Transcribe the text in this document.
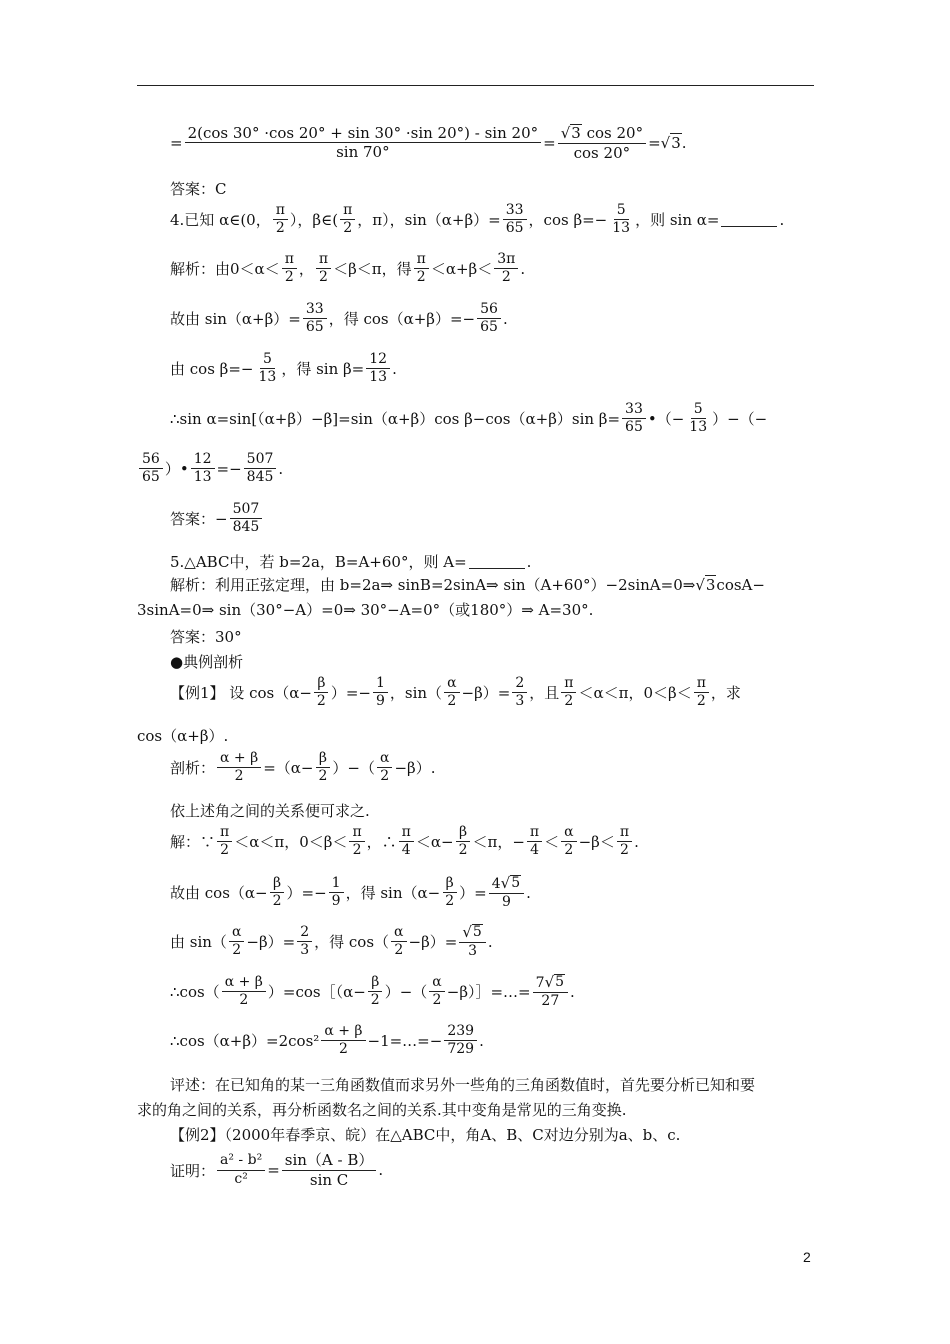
= $\frac{2(\cos 30^\circ \cdot\cos 20^\circ + \sin 30^\circ \cdot\sin 20^\circ) - \sin 20^\circ}{\sin 70^\circ} = \frac{√ 3 \cos 20^\circ}{\cos 20^\circ}$ = √ 3 .
答案：C
4.已知 α∈(0， $\frac{\pi}{2}$ ），β∈( $\frac{\pi}{2}$ ，π），$\sin(\alpha+\beta)= \frac{33}{65}$ ，$\cos \beta=- \frac{5}{13}$ ，则 sin α=	.
解析：由$0<\alpha< \frac{\pi}{2}$ ， $\frac{\pi}{2} <\beta<\pi$，得 $\frac{\pi}{2} <\alpha+\beta< \frac{3\pi}{2}$ .
故由 $\sin(\alpha+\beta)= \frac{33}{65}$ ，得 $\cos(\alpha+\beta)=- \frac{56}{65}$ .
由 $\cos \beta=- \frac{5}{13}$ ，得 $\sin \beta= \frac{12}{13}$ .
∴sin α=sin[（α+β）−β]=sin（α+β）cos β−cos（α+β）sin $\beta= \frac{33}{65}$ •（− $\frac{5}{13}$ ）−（−
$\frac{56}{65}$ ）• $\frac{12}{13} =- \frac{507}{845}$ .
答案：− $\frac{507}{845}$
5.△ABC中，若 b=2a，B=A+60°，则 A=	.
解析：利用正弦定理，由 b=2a⇒ sinB=2sinA⇒ sin（A+60°）−2sinA=0⇒ √ 3 cosA−
3sinA=0⇒ sin（30°−A）=0⇒ 30°−A=0°（或180°）⇒ A=30°.
答案：30°
●典例剖析
【例1】 设 $\cos(\alpha- \frac{\beta}{2}$ ）=− $\frac{1}{9}$ ，$\sin( \frac{\alpha}{2} -\beta)= \frac{2}{3}$ ，且 $\frac{\pi}{2} <\alpha<\pi$，$0<\beta< \frac{\pi}{2}$ ，求
cos（α+β）.
剖析： $\frac{\alpha + \beta}{2} =(\alpha- \frac{\beta}{2}$ ）−（ $\frac{\alpha}{2} -\beta$）.
依上述角之间的关系便可求之.
解：∵ $\frac{\pi}{2} <\alpha<\pi$，$0<\beta< \frac{\pi}{2}$ ，∴ $\frac{\pi}{4} <\alpha- \frac{\beta}{2} <\pi$，− $\frac{\pi}{4} < \frac{\alpha}{2} -\beta< \frac{\pi}{2}$ .
故由 $\cos(\alpha- \frac{\beta}{2}$ ）=− $\frac{1}{9}$ ，得 $\sin(\alpha- \frac{\beta}{2}$ ）= $\frac{4 √ 5}{9}$ .
由 $\sin( \frac{\alpha}{2} -\beta)= \frac{2}{3}$ ，得 $\cos( \frac{\alpha}{2} -\beta)= \frac{√ 5}{3}$ .
∴cos（ $\frac{\alpha + \beta}{2}$ ）=cos［（α− $\frac{\beta}{2}$ ）−（ $\frac{\alpha}{2}$ −β）］=…= $\frac{7 √ 5}{27}$ .
∴cos（α+β）=2cos² $\frac{\alpha + \beta}{2}$ −1=…=− $\frac{239}{729}$ .
评述：在已知角的某一三角函数值而求另外一些角的三角函数值时，首先要分析已知和要
求的角之间的关系，再分析函数名之间的关系.其中变角是常见的三角变换.
【例2】（2000年春季京、皖）在△ABC中，角A、B、C对边分别为a、b、c.
证明： $\frac{\text{a² - b²}}{\text{c²}} = \frac{\sin(A - B)}{\text{sin C}}$ .
2
